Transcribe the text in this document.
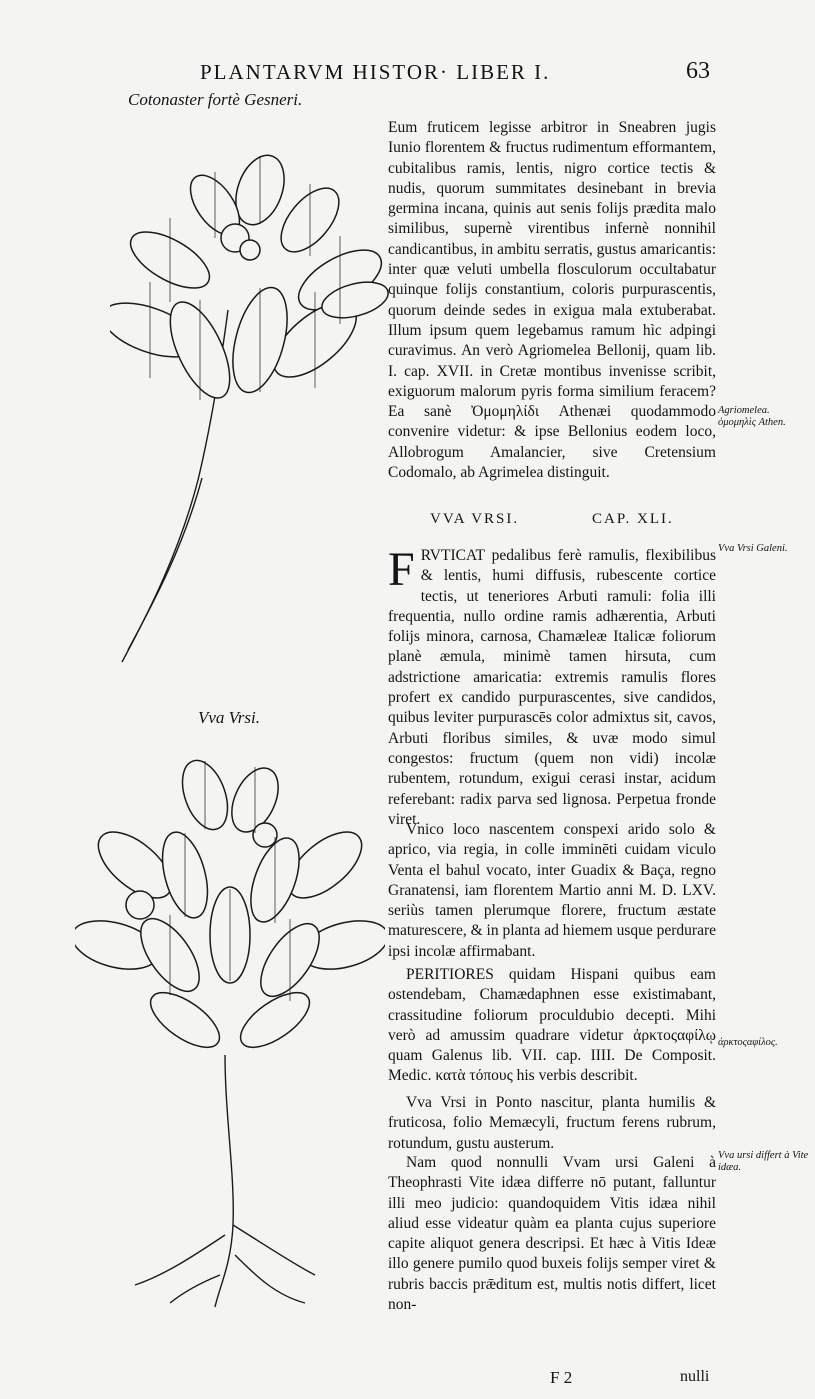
PLANTARVM HISTOR· LIBER I.	63
Cotonaster fortè Gesneri.
Vva Vrsi.

Eum fruticem legisse arbitror in Sneabren jugis Iunio florentem & fructus rudimentum efformantem, cubitalibus ramis, lentis, nigro cortice tectis & nudis, quorum summitates desinebant in brevia germina incana, quinis aut senis folijs prædita malo similibus, supernè virentibus infernè nonnihil candicantibus, in ambitu serratis, gustus amaricantis: inter quæ veluti umbella flosculorum occultabatur quinque folijs constantium, coloris purpurascentis, quorum deinde sedes in exigua mala extuberabat. Illum ipsum quem legebamus ramum hìc adpingi curavimus. An verò Agriomelea Bellonij, quam lib. I. cap. XVII. in Cretæ montibus invenisse scribit, exiguorum malorum pyris forma similium feracem? Ea sanè Ὀμομηλίδι Athenæi quodammodo convenire videtur: & ipse Bellonius eodem loco, Allobrogum Amalancier, sive Cretensium Codomalo, ab Agrimelea distinguit.

VVA VRSI.	CAP. XLI.

FRVTICAT pedalibus ferè ramulis, flexibilibus & lentis, humi diffusis, rubescente cortice tectis, ut teneriores Arbuti ramuli: folia illi frequentia, nullo ordine ramis adhærentia, Arbuti folijs minora, carnosa, Chamæleæ Italicæ foliorum planè æmula, minimè tamen hirsuta, cum adstrictione amaricatia: extremis ramulis flores profert ex candido purpurascentes, sive candidos, quibus leviter purpurascēs color admixtus sit, cavos, Arbuti floribus similes, & uvæ modo simul congestos: fructum (quem non vidi) incolæ rubentem, rotundum, exigui cerasi instar, acidum referebant: radix parva sed lignosa. Perpetua fronde viret.

Vnico loco nascentem conspexi arido solo & aprico, via regia, in colle imminēti cuidam viculo Venta el bahul vocato, inter Guadix & Baça, regno Granatensi, iam florentem Martio anni M. D. LXV. seriùs tamen plerumque florere, fructum æstate maturescere, & in planta ad hiemem usque perdurare ipsi incolæ affirmabant.

PERITIORES quidam Hispani quibus eam ostendebam, Chamædaphnen esse existimabant, crassitudine foliorum proculdubio decepti. Mihi verò ad amussim quadrare videtur ἀρκτοςαφίλῳ quam Galenus lib. VII. cap. IIII. De Composit. Medic. κατὰ τόπους his verbis describit.

Vva Vrsi in Ponto nascitur, planta humilis & fruticosa, folio Memæcyli, fructum ferens rubrum, rotundum, gustu austerum.

Nam quod nonnulli Vvam ursi Galeni à Theophrasti Vite idæa differre nō putant, falluntur illi meo judicio: quandoquidem Vitis idæa nihil aliud esse videatur quàm ea planta cujus superiore capite aliquot genera descripsi. Et hæc à Vitis Ideæ illo genere pumilo quod buxeis folijs semper viret & rubris baccis prǣditum est, multis notis differt, licet non-

Agriomelea. ὁμομηλὶς Athen.
Vva Vrsi Galeni.
ἀρκτοςαφίλος.
Vva ursi differt à Vite idæa.
F 2	nulli
